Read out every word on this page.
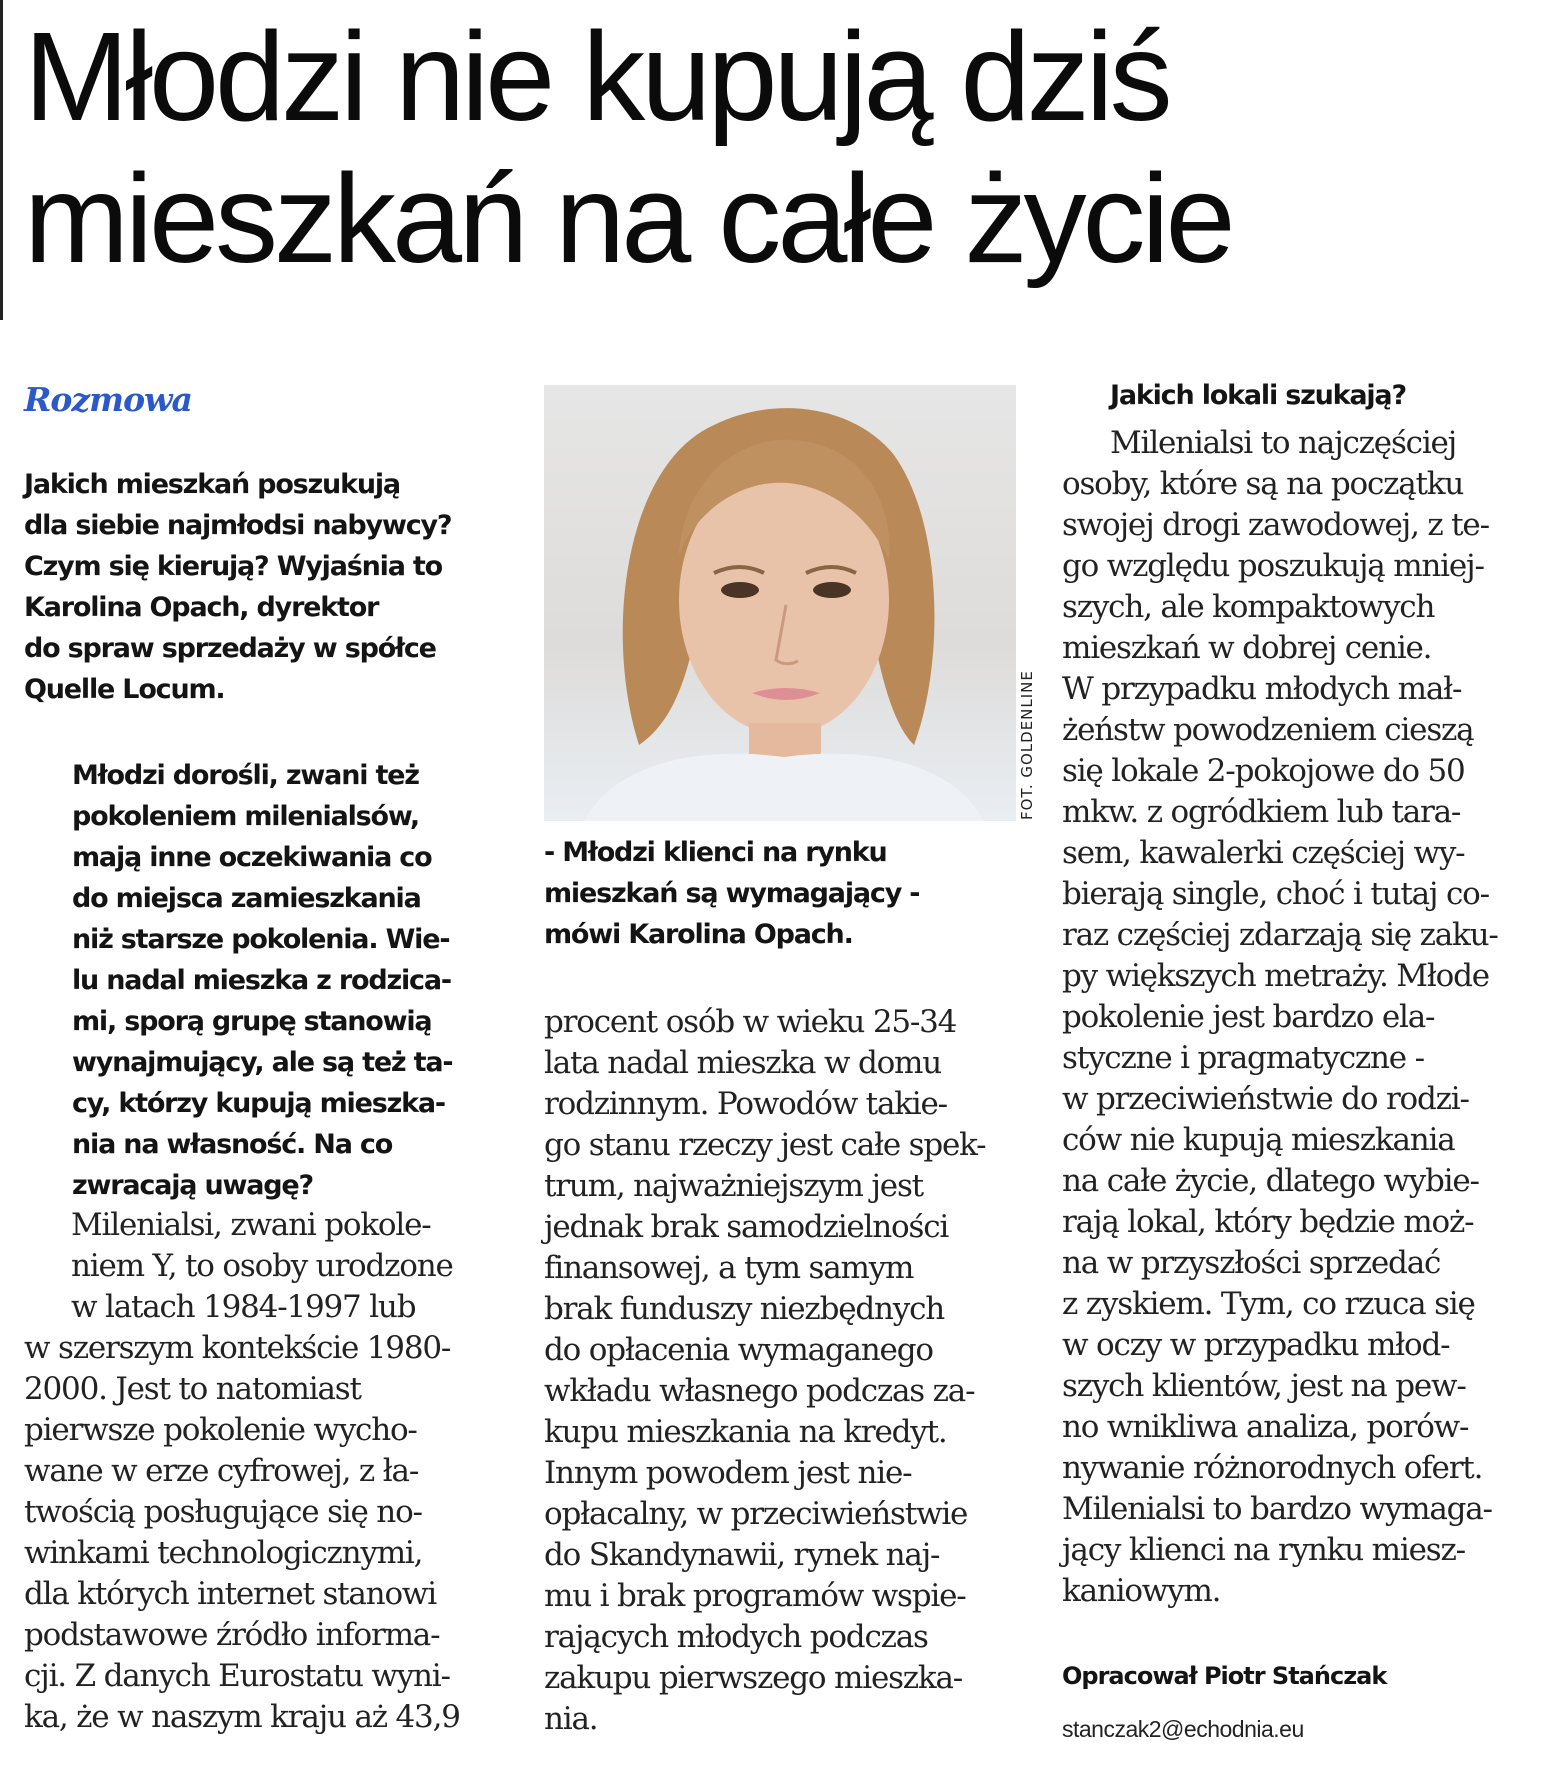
Młodzi nie kupują dziś
mieszkań na całe życie
Rozmowa
Jakich mieszkań poszukują
dla siebie najmłodsi nabywcy?
Czym się kierują? Wyjaśnia to
Karolina Opach, dyrektor
do spraw sprzedaży w spółce
Quelle Locum.
Młodzi dorośli, zwani też
pokoleniem milenialsów,
mają inne oczekiwania co
do miejsca zamieszkania
niż starsze pokolenia. Wie-
lu nadal mieszka z rodzica-
mi, sporą grupę stanowią
wynajmujący, ale są też ta-
cy, którzy kupują mieszka-
nia na własność. Na co
zwracają uwagę?
Milenialsi, zwani pokole-
niem Y, to osoby urodzone
w latach 1984-1997 lub
w szerszym kontekście 1980-
2000. Jest to natomiast
pierwsze pokolenie wycho-
wane w erze cyfrowej, z ła-
twością posługujące się no-
winkami technologicznymi,
dla których internet stanowi
podstawowe źródło informa-
cji. Z danych Eurostatu wyni-
ka, że w naszym kraju aż 43,9
FOT. GOLDENLINE
- Młodzi klienci na rynku
mieszkań są wymagający -
mówi Karolina Opach.
procent osób w wieku 25-34
lata nadal mieszka w domu
rodzinnym. Powodów takie-
go stanu rzeczy jest całe spek-
trum, najważniejszym jest
jednak brak samodzielności
finansowej, a tym samym
brak funduszy niezbędnych
do opłacenia wymaganego
wkładu własnego podczas za-
kupu mieszkania na kredyt.
Innym powodem jest nie-
opłacalny, w przeciwieństwie
do Skandynawii, rynek naj-
mu i brak programów wspie-
rających młodych podczas
zakupu pierwszego mieszka-
nia.
Jakich lokali szukają?
Milenialsi to najczęściej
osoby, które są na początku
swojej drogi zawodowej, z te-
go względu poszukują mniej-
szych, ale kompaktowych
mieszkań w dobrej cenie.
W przypadku młodych mał-
żeństw powodzeniem cieszą
się lokale 2-pokojowe do 50
mkw. z ogródkiem lub tara-
sem, kawalerki częściej wy-
bierają single, choć i tutaj co-
raz częściej zdarzają się zaku-
py większych metraży. Młode
pokolenie jest bardzo ela-
styczne i pragmatyczne -
w przeciwieństwie do rodzi-
ców nie kupują mieszkania
na całe życie, dlatego wybie-
rają lokal, który będzie moż-
na w przyszłości sprzedać
z zyskiem. Tym, co rzuca się
w oczy w przypadku młod-
szych klientów, jest na pew-
no wnikliwa analiza, porów-
nywanie różnorodnych ofert.
Milenialsi to bardzo wymaga-
jący klienci na rynku miesz-
kaniowym.
Opracował Piotr Stańczak
stanczak2@echodnia.eu
